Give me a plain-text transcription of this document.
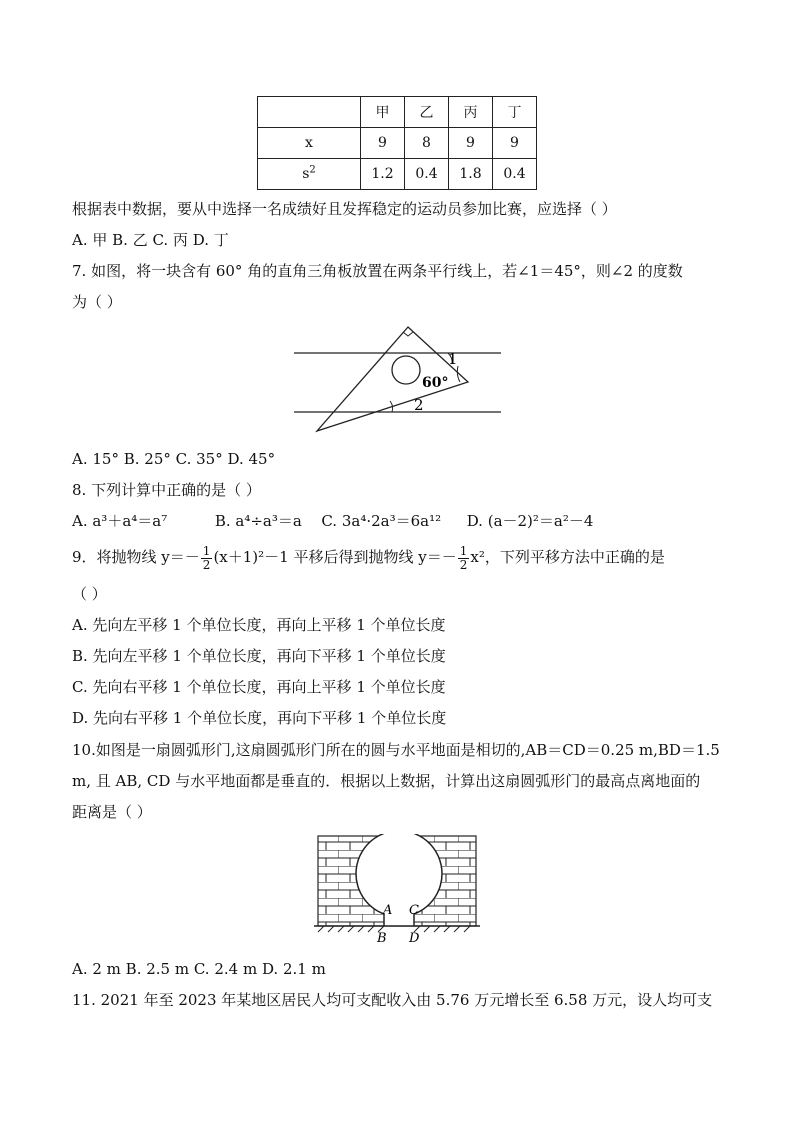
	甲	乙	丙	丁
x	9	8	9	9
$s^2$	1.2	0.4	1.8	0.4
根据表中数据，要从中选择一名成绩好且发挥稳定的运动员参加比赛，应选择（ ）
A. 甲 B. 乙 C. 丙 D. 丁
7. 如图，将一块含有 60° 角的直角三角板放置在两条平行线上，若∠1＝45°，则∠2 的度数
为（ ）
1
60°
2
A. 15° B. 25° C. 35° D. 45°
8. 下列计算中正确的是（ ）
A. a³＋a⁴＝a⁷	B. a⁴÷a³＝a C. 3a⁴·2a³＝6a¹² D. (a－2)²＝a²－4
9．将抛物线 $y=- \frac{1}{2} (x+1)^2-1$ 平移后得到抛物线 $y=- \frac{1}{2} x^2$，下列平移方法中正确的是
（ ）
A. 先向左平移 1 个单位长度，再向上平移 1 个单位长度
B. 先向左平移 1 个单位长度，再向下平移 1 个单位长度
C. 先向右平移 1 个单位长度，再向上平移 1 个单位长度
D. 先向右平移 1 个单位长度，再向下平移 1 个单位长度
10.如图是一扇圆弧形门,这扇圆弧形门所在的圆与水平地面是相切的,AB＝CD＝0.25 m,BD＝1.5
m, 且 AB, CD 与水平地面都是垂直的．根据以上数据，计算出这扇圆弧形门的最高点离地面的
距离是（ ）
A C
B D
A. 2 m B. 2.5 m C. 2.4 m D. 2.1 m
11. 2021 年至 2023 年某地区居民人均可支配收入由 5.76 万元增长至 6.58 万元，设人均可支
